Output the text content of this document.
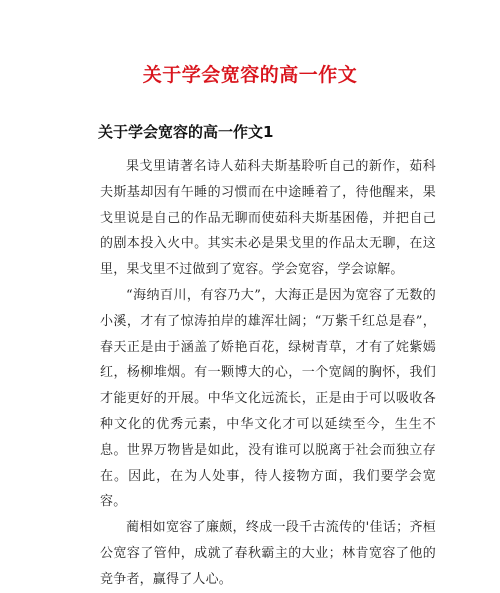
关于学会宽容的高一作文
关于学会宽容的高一作文1

果戈里请著名诗人茹科夫斯基聆听自己的新作，茹科夫斯基却因有午睡的习惯而在中途睡着了，待他醒来，果戈里说是自己的作品无聊而使茹科夫斯基困倦，并把自己的剧本投入火中。其实未必是果戈里的作品太无聊，在这里，果戈里不过做到了宽容。学会宽容，学会谅解。

“海纳百川，有容乃大”，大海正是因为宽容了无数的小溪，才有了惊涛拍岸的雄浑壮阔；“万紫千红总是春”，春天正是由于涵盖了娇艳百花，绿树青草，才有了姹紫嫣红，杨柳堆烟。有一颗博大的心，一个宽阔的胸怀，我们才能更好的开展。中华文化远流长，正是由于可以吸收各种文化的优秀元素，中华文化才可以延续至今，生生不息。世界万物皆是如此，没有谁可以脱离于社会而独立存在。因此，在为人处事，待人接物方面，我们要学会宽容。

蔺相如宽容了廉颇，终成一段千古流传的'佳话；齐桓公宽容了管仲，成就了春秋霸主的大业；林肯宽容了他的竞争者，赢得了人心。
